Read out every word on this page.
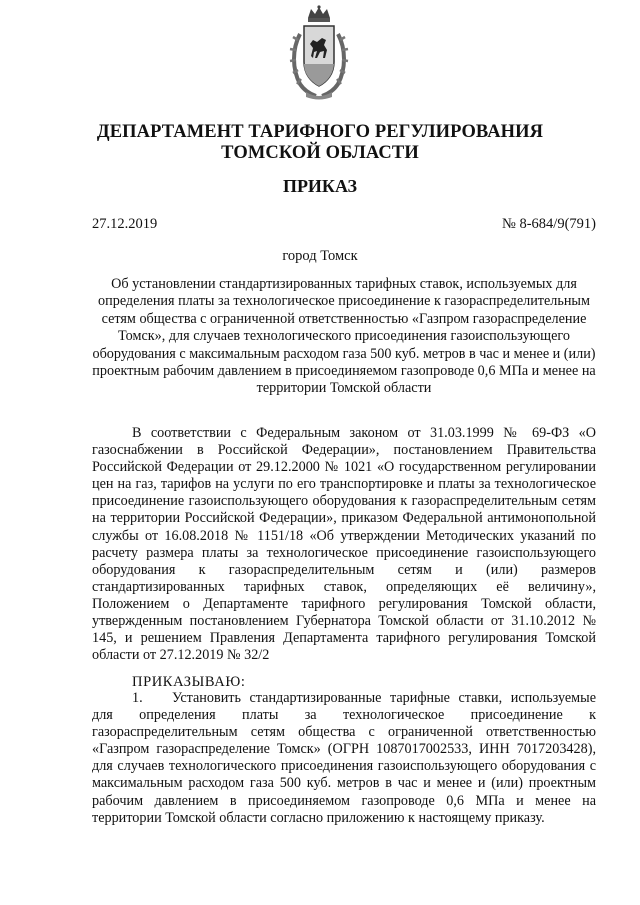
ДЕПАРТАМЕНТ ТАРИФНОГО РЕГУЛИРОВАНИЯ
ТОМСКОЙ ОБЛАСТИ
ПРИКАЗ
27.12.2019	№ 8-684/9(791)
город Томск
Об установлении стандартизированных тарифных ставок, используемых для определения платы за технологическое присоединение к газораспределительным сетям общества с ограниченной ответственностью «Газпром газораспределение Томск», для случаев технологического присоединения газоиспользующего оборудования с максимальным расходом газа 500 куб. метров в час и менее и (или) проектным рабочим давлением в присоединяемом газопроводе 0,6 МПа и менее на территории Томской области
В соответствии с Федеральным законом от 31.03.1999 № 69-ФЗ «О газоснабжении в Российской Федерации», постановлением Правительства Российской Федерации от 29.12.2000 № 1021 «О государственном регулировании цен на газ, тарифов на услуги по его транспортировке и платы за технологическое присоединение газоиспользующего оборудования к газораспределительным сетям на территории Российской Федерации», приказом Федеральной антимонопольной службы от 16.08.2018 № 1151/18 «Об утверждении Методических указаний по расчету размера платы за технологическое присоединение газоиспользующего оборудования к газораспределительным сетям и (или) размеров стандартизированных тарифных ставок, определяющих её величину», Положением о Департаменте тарифного регулирования Томской области, утвержденным постановлением Губернатора Томской области от 31.10.2012 № 145, и решением Правления Департамента тарифного регулирования Томской области от 27.12.2019 № 32/2
ПРИКАЗЫВАЮ:
1. Установить стандартизированные тарифные ставки, используемые для определения платы за технологическое присоединение к газораспределительным сетям общества с ограниченной ответственностью «Газпром газораспределение Томск» (ОГРН 1087017002533, ИНН 7017203428), для случаев технологического присоединения газоиспользующего оборудования с максимальным расходом газа 500 куб. метров в час и менее и (или) проектным рабочим давлением в присоединяемом газопроводе 0,6 МПа и менее на территории Томской области согласно приложению к настоящему приказу.
